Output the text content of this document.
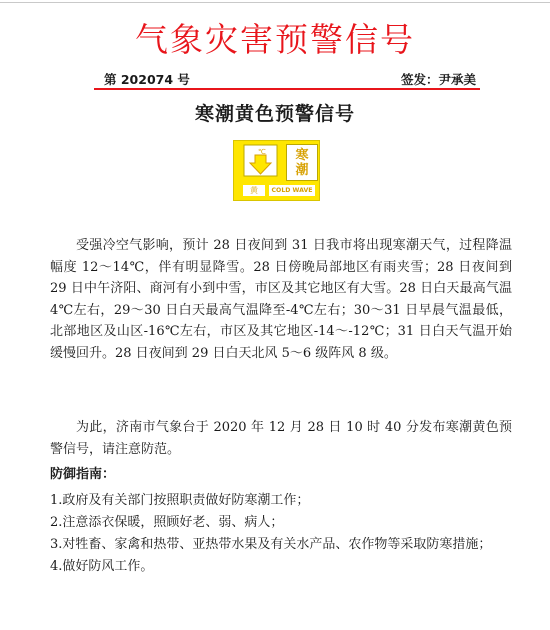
气象灾害预警信号
第 202074 号	签发：尹承美
寒潮黄色预警信号
℃ 寒
潮
黄	COLD WAVE

受强冷空气影响，预计 28 日夜间到 31 日我市将出现寒潮天气，过程降温幅度 12～14℃，伴有明显降雪。28 日傍晚局部地区有雨夹雪；28 日夜间到 29 日中午济阳、商河有小到中雪，市区及其它地区有大雪。28 日白天最高气温 4℃左右，29～30 日白天最高气温降至-4℃左右；30～31 日早晨气温最低，北部地区及山区-16℃左右，市区及其它地区-14～-12℃；31 日白天气温开始缓慢回升。28 日夜间到 29 日白天北风 5～6 级阵风 8 级。

为此，济南市气象台于 2020 年 12 月 28 日 10 时 40 分发布寒潮黄色预警信号，请注意防范。

防御指南：
1.政府及有关部门按照职责做好防寒潮工作；
2.注意添衣保暖，照顾好老、弱、病人；
3.对牲畜、家禽和热带、亚热带水果及有关水产品、农作物等采取防寒措施；
4.做好防风工作。
